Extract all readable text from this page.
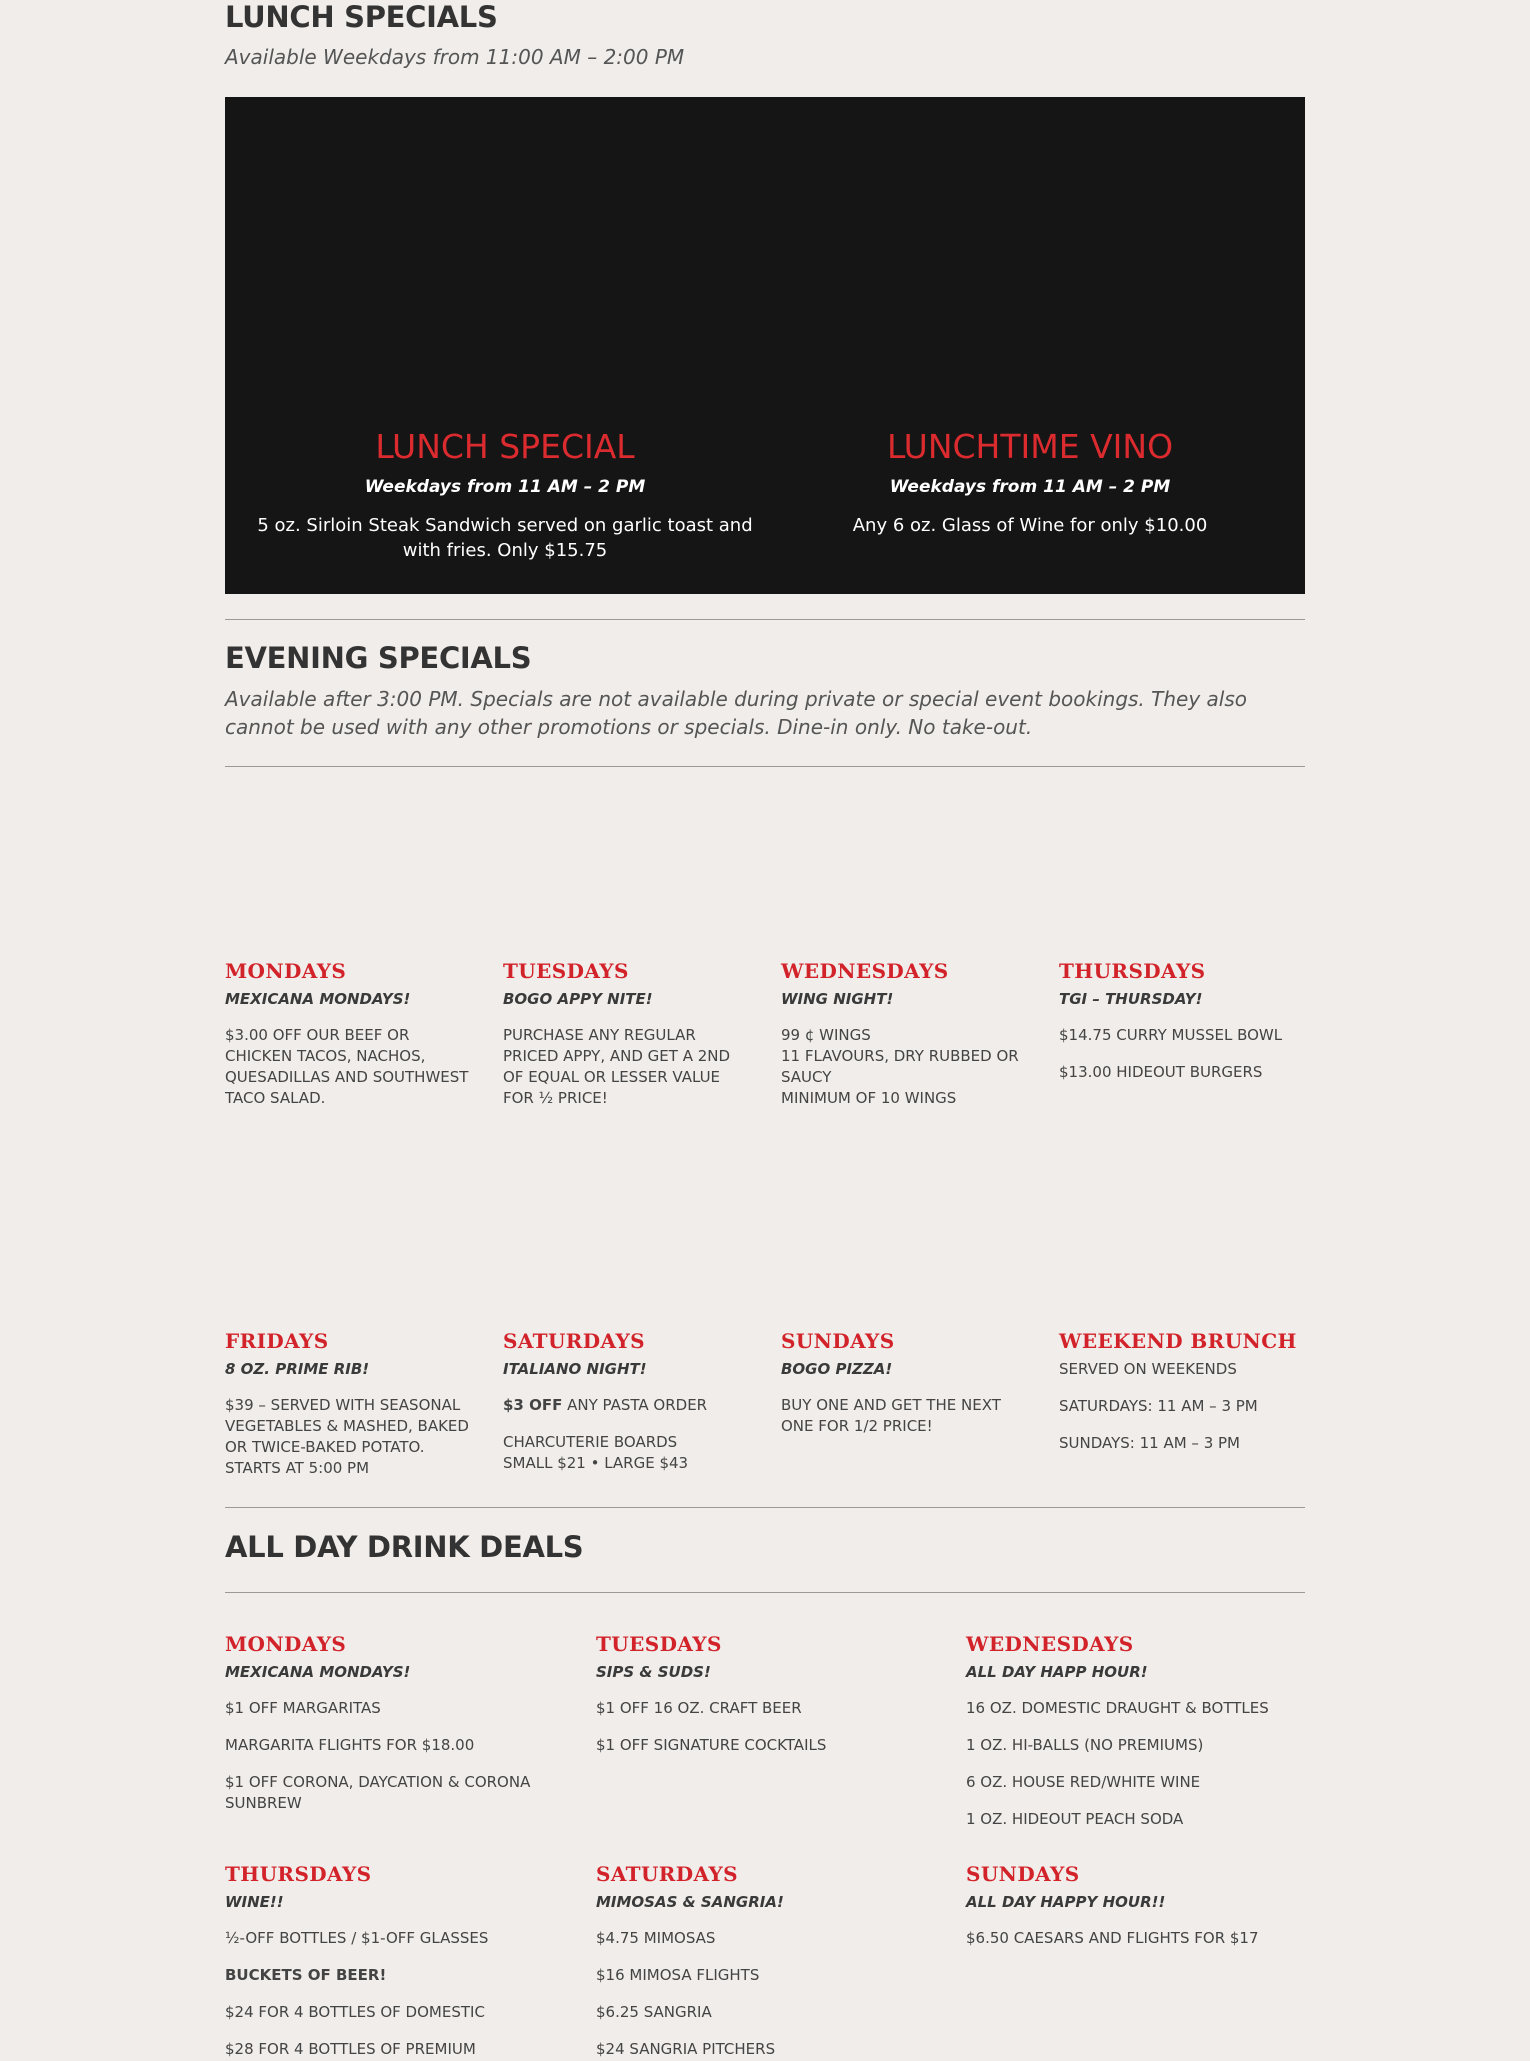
LUNCH SPECIALS
Available Weekdays from 11:00 AM – 2:00 PM
LUNCH SPECIAL
Weekdays from 11 AM – 2 PM
5 oz. Sirloin Steak Sandwich served on garlic toast and with fries. Only $15.75
LUNCHTIME VINO
Weekdays from 11 AM – 2 PM
Any 6 oz. Glass of Wine for only $10.00
EVENING SPECIALS
Available after 3:00 PM. Specials are not available during private or special event bookings. They also cannot be used with any other promotions or specials. Dine-in only. No take-out.
MONDAYS
MEXICANA MONDAYS!
$3.00 OFF OUR BEEF OR
CHICKEN TACOS, NACHOS,
QUESADILLAS AND SOUTHWEST
TACO SALAD.
TUESDAYS
BOGO APPY NITE!
PURCHASE ANY REGULAR
PRICED APPY, AND GET A 2ND
OF EQUAL OR LESSER VALUE
FOR ½ PRICE!
WEDNESDAYS
WING NIGHT!
99 ¢ WINGS
11 FLAVOURS, DRY RUBBED OR
SAUCY
MINIMUM OF 10 WINGS
THURSDAYS
TGI – THURSDAY!
$14.75 CURRY MUSSEL BOWL
$13.00 HIDEOUT BURGERS
FRIDAYS
8 OZ. PRIME RIB!
$39 – SERVED WITH SEASONAL
VEGETABLES & MASHED, BAKED
OR TWICE-BAKED POTATO.
STARTS AT 5:00 PM
SATURDAYS
ITALIANO NIGHT!
$3 OFF ANY PASTA ORDER
CHARCUTERIE BOARDS
SMALL $21 • LARGE $43
SUNDAYS
BOGO PIZZA!
BUY ONE AND GET THE NEXT
ONE FOR 1/2 PRICE!
WEEKEND BRUNCH
SERVED ON WEEKENDS
SATURDAYS: 11 AM – 3 PM
SUNDAYS: 11 AM – 3 PM
ALL DAY DRINK DEALS
MONDAYS
MEXICANA MONDAYS!
$1 OFF MARGARITAS
MARGARITA FLIGHTS FOR $18.00
$1 OFF CORONA, DAYCATION & CORONA
SUNBREW
TUESDAYS
SIPS & SUDS!
$1 OFF 16 OZ. CRAFT BEER
$1 OFF SIGNATURE COCKTAILS
WEDNESDAYS
ALL DAY HAPP HOUR!
16 OZ. DOMESTIC DRAUGHT & BOTTLES
1 OZ. HI-BALLS (NO PREMIUMS)
6 OZ. HOUSE RED/WHITE WINE
1 OZ. HIDEOUT PEACH SODA
THURSDAYS
WINE!!
½-OFF BOTTLES / $1-OFF GLASSES
BUCKETS OF BEER!
$24 FOR 4 BOTTLES OF DOMESTIC
$28 FOR 4 BOTTLES OF PREMIUM
SATURDAYS
MIMOSAS & SANGRIA!
$4.75 MIMOSAS
$16 MIMOSA FLIGHTS
$6.25 SANGRIA
$24 SANGRIA PITCHERS
SUNDAYS
ALL DAY HAPPY HOUR!!
$6.50 CAESARS AND FLIGHTS FOR $17
